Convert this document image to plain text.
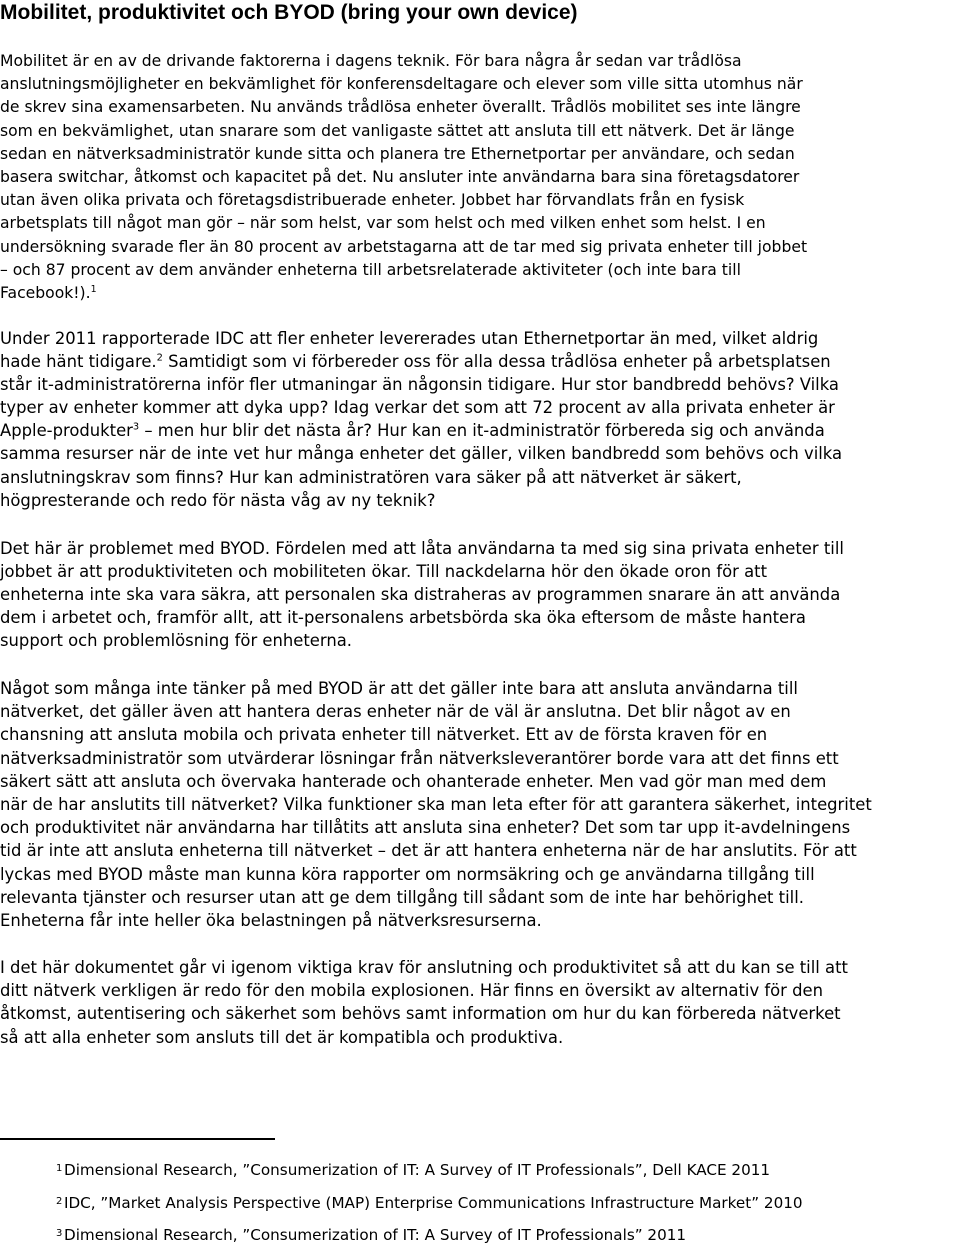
Mobilitet, produktivitet och BYOD (bring your own device)
Mobilitet är en av de drivande faktorerna i dagens teknik. För bara några år sedan var trådlösa
anslutningsmöjligheter en bekvämlighet för konferensdeltagare och elever som ville sitta utomhus när
de skrev sina examensarbeten. Nu används trådlösa enheter överallt. Trådlös mobilitet ses inte längre
som en bekvämlighet, utan snarare som det vanligaste sättet att ansluta till ett nätverk. Det är länge
sedan en nätverksadministratör kunde sitta och planera tre Ethernetportar per användare, och sedan
basera switchar, åtkomst och kapacitet på det. Nu ansluter inte användarna bara sina företagsdatorer
utan även olika privata och företagsdistribuerade enheter. Jobbet har förvandlats från en fysisk
arbetsplats till något man gör – när som helst, var som helst och med vilken enhet som helst. I en
undersökning svarade fler än 80 procent av arbetstagarna att de tar med sig privata enheter till jobbet
– och 87 procent av dem använder enheterna till arbetsrelaterade aktiviteter (och inte bara till
Facebook!).$^1$
Under 2011 rapporterade IDC att fler enheter levererades utan Ethernetportar än med, vilket aldrig
hade hänt tidigare.$^2$ Samtidigt som vi förbereder oss för alla dessa trådlösa enheter på arbetsplatsen
står it-administratörerna inför fler utmaningar än någonsin tidigare. Hur stor bandbredd behövs? Vilka
typer av enheter kommer att dyka upp? Idag verkar det som att 72 procent av alla privata enheter är
Apple-produkter$^3$ – men hur blir det nästa år? Hur kan en it-administratör förbereda sig och använda
samma resurser när de inte vet hur många enheter det gäller, vilken bandbredd som behövs och vilka
anslutningskrav som finns? Hur kan administratören vara säker på att nätverket är säkert,
högpresterande och redo för nästa våg av ny teknik?
Det här är problemet med BYOD. Fördelen med att låta användarna ta med sig sina privata enheter till
jobbet är att produktiviteten och mobiliteten ökar. Till nackdelarna hör den ökade oron för att
enheterna inte ska vara säkra, att personalen ska distraheras av programmen snarare än att använda
dem i arbetet och, framför allt, att it-personalens arbetsbörda ska öka eftersom de måste hantera
support och problemlösning för enheterna.
Något som många inte tänker på med BYOD är att det gäller inte bara att ansluta användarna till
nätverket, det gäller även att hantera deras enheter när de väl är anslutna. Det blir något av en
chansning att ansluta mobila och privata enheter till nätverket. Ett av de första kraven för en
nätverksadministratör som utvärderar lösningar från nätverksleverantörer borde vara att det finns ett
säkert sätt att ansluta och övervaka hanterade och ohanterade enheter. Men vad gör man med dem
när de har anslutits till nätverket? Vilka funktioner ska man leta efter för att garantera säkerhet, integritet
och produktivitet när användarna har tillåtits att ansluta sina enheter? Det som tar upp it-avdelningens
tid är inte att ansluta enheterna till nätverket – det är att hantera enheterna när de har anslutits. För att
lyckas med BYOD måste man kunna köra rapporter om normsäkring och ge användarna tillgång till
relevanta tjänster och resurser utan att ge dem tillgång till sådant som de inte har behörighet till.
Enheterna får inte heller öka belastningen på nätverksresurserna.
I det här dokumentet går vi igenom viktiga krav för anslutning och produktivitet så att du kan se till att
ditt nätverk verkligen är redo för den mobila explosionen. Här finns en översikt av alternativ för den
åtkomst, autentisering och säkerhet som behövs samt information om hur du kan förbereda nätverket
så att alla enheter som ansluts till det är kompatibla och produktiva.
1 Dimensional Research, ”Consumerization of IT: A Survey of IT Professionals”, Dell KACE 2011
2 IDC, ”Market Analysis Perspective (MAP) Enterprise Communications Infrastructure Market” 2010
3 Dimensional Research, ”Consumerization of IT: A Survey of IT Professionals” 2011
